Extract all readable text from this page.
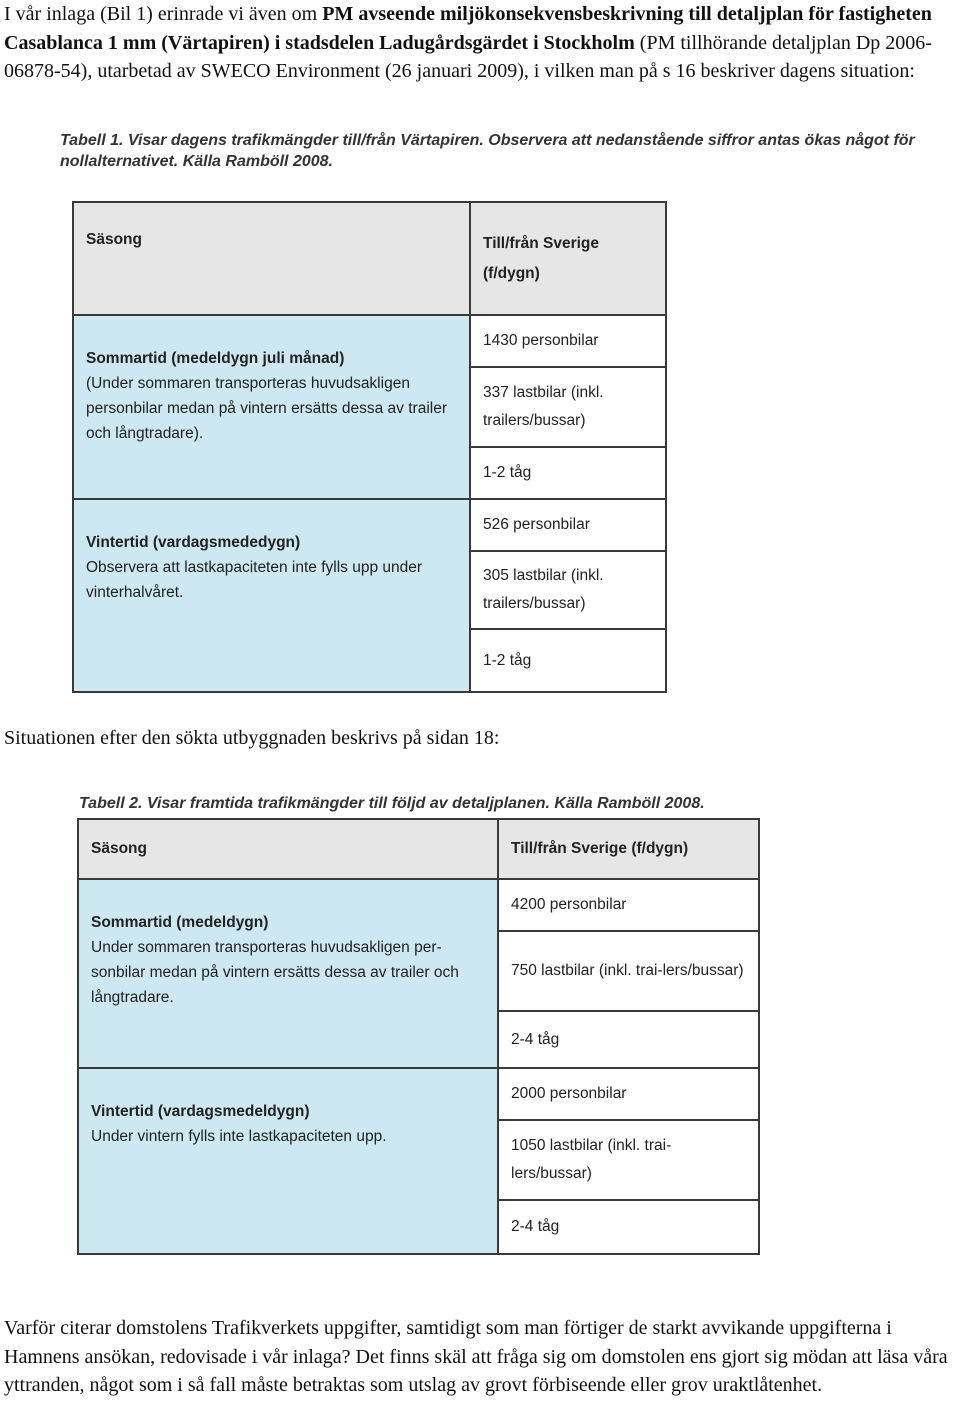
I vår inlaga (Bil 1) erinrade vi även om PM avseende miljökonsekvensbeskrivning till detaljplan för fastigheten Casablanca 1 mm (Värtapiren) i stadsdelen Ladugårdsgärdet i Stockholm (PM tillhörande detaljplan Dp 2006-06878-54), utarbetad av SWECO Environment (26 januari 2009), i vilken man på s 16 beskriver dagens situation:
Tabell 1. Visar dagens trafikmängder till/från Värtapiren. Observera att nedanstående siffror antas ökas något för nollalternativet. Källa Ramböll 2008.
Säsong	Till/från Sverige (f/dygn)

Sommartid (medeldygn juli månad)
(Under sommaren transporteras huvudsakligen personbilar medan på vintern ersätts dessa av trailer och långtradare).	1430 personbilar
	337 lastbilar (inkl. trailers/bussar)
	1-2 tåg

Vintertid (vardagsmededygn)
Observera att lastkapaciteten inte fylls upp under vinterhalvåret.	526 personbilar
	305 lastbilar (inkl. trailers/bussar)
	1-2 tåg
Situationen efter den sökta utbyggnaden beskrivs på sidan 18:
Tabell 2. Visar framtida trafikmängder till följd av detaljplanen. Källa Ramböll 2008.
Säsong	Till/från Sverige (f/dygn)

Sommartid (medeldygn)
Under sommaren transporteras huvudsakligen per-sonbilar medan på vintern ersätts dessa av trailer och långtradare.	4200 personbilar
	750 lastbilar (inkl. trai-lers/bussar)
	2-4 tåg

Vintertid (vardagsmedeldygn)
Under vintern fylls inte lastkapaciteten upp.	2000 personbilar
	1050 lastbilar (inkl. trai-lers/bussar)
	2-4 tåg
Varför citerar domstolens Trafikverkets uppgifter, samtidigt som man förtiger de starkt avvikande uppgifterna i Hamnens ansökan, redovisade i vår inlaga? Det finns skäl att fråga sig om domstolen ens gjort sig mödan att läsa våra yttranden, något som i så fall måste betraktas som utslag av grovt förbiseende eller grov uraktlåtenhet.
